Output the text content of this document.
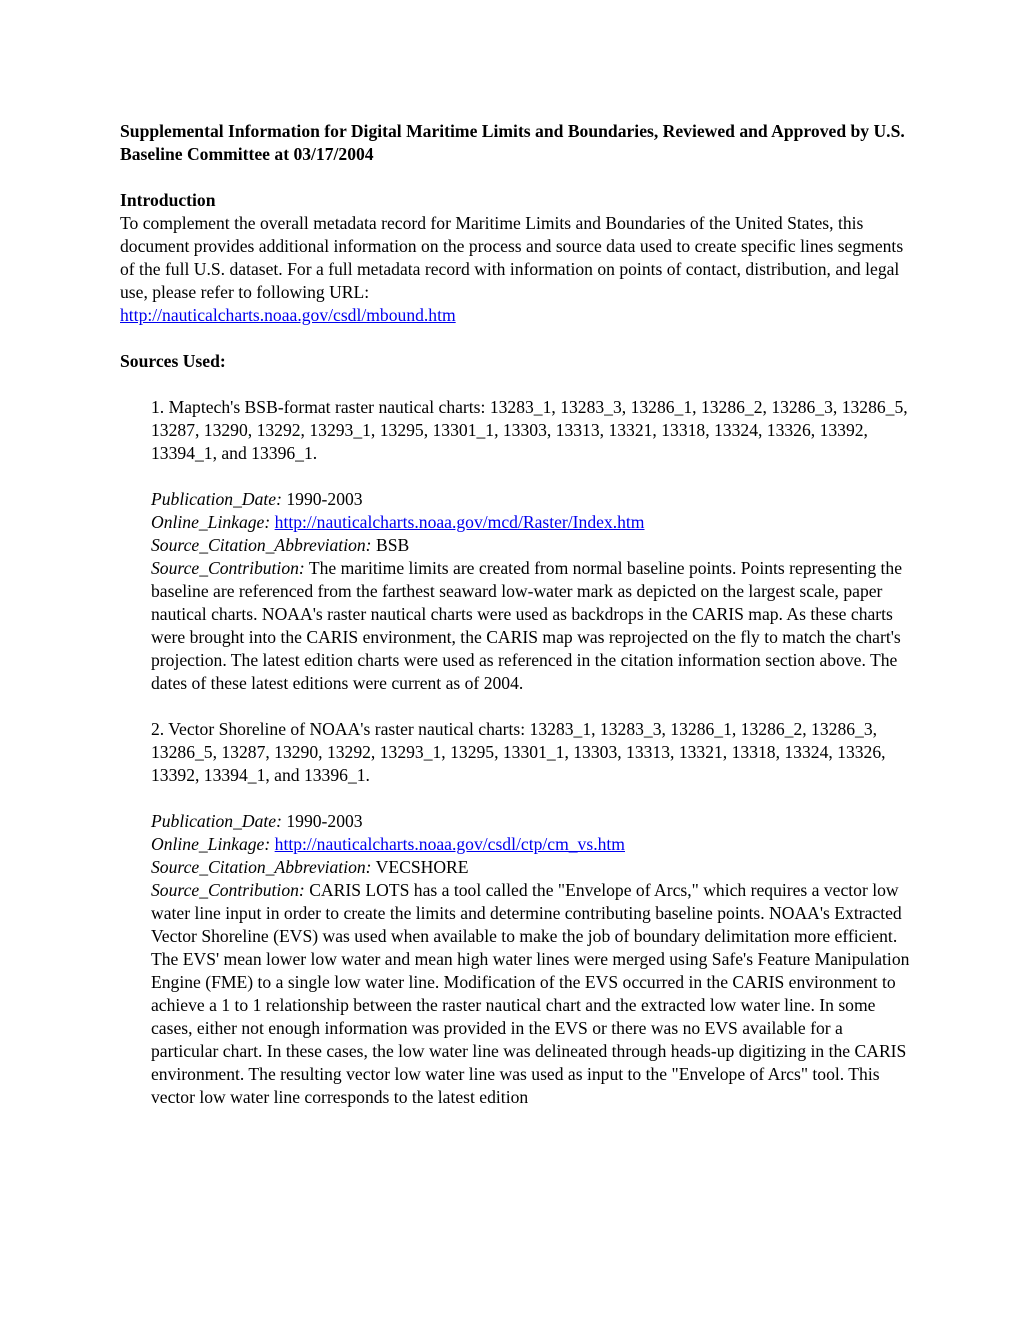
Supplemental Information for Digital Maritime Limits and Boundaries, Reviewed and Approved by U.S. Baseline Committee at 03/17/2004

Introduction

To complement the overall metadata record for Maritime Limits and Boundaries of the United States, this document provides additional information on the process and source data used to create specific lines segments of the full U.S. dataset. For a full metadata record with information on points of contact, distribution, and legal use, please refer to following URL:
http://nauticalcharts.noaa.gov/csdl/mbound.htm

Sources Used:

1. Maptech's BSB-format raster nautical charts: 13283_1, 13283_3, 13286_1, 13286_2, 13286_3, 13286_5, 13287, 13290, 13292, 13293_1, 13295, 13301_1, 13303, 13313, 13321, 13318, 13324, 13326, 13392, 13394_1, and 13396_1.

Publication_Date: 1990-2003
Online_Linkage: http://nauticalcharts.noaa.gov/mcd/Raster/Index.htm
Source_Citation_Abbreviation: BSB
Source_Contribution: The maritime limits are created from normal baseline points. Points representing the baseline are referenced from the farthest seaward low-water mark as depicted on the largest scale, paper nautical charts. NOAA's raster nautical charts were used as backdrops in the CARIS map. As these charts were brought into the CARIS environment, the CARIS map was reprojected on the fly to match the chart's projection. The latest edition charts were used as referenced in the citation information section above. The dates of these latest editions were current as of 2004.

2. Vector Shoreline of NOAA's raster nautical charts: 13283_1, 13283_3, 13286_1, 13286_2, 13286_3, 13286_5, 13287, 13290, 13292, 13293_1, 13295, 13301_1, 13303, 13313, 13321, 13318, 13324, 13326, 13392, 13394_1, and 13396_1.

Publication_Date: 1990-2003
Online_Linkage: http://nauticalcharts.noaa.gov/csdl/ctp/cm_vs.htm
Source_Citation_Abbreviation: VECSHORE
Source_Contribution: CARIS LOTS has a tool called the "Envelope of Arcs," which requires a vector low water line input in order to create the limits and determine contributing baseline points. NOAA's Extracted Vector Shoreline (EVS) was used when available to make the job of boundary delimitation more efficient. The EVS' mean lower low water and mean high water lines were merged using Safe's Feature Manipulation Engine (FME) to a single low water line. Modification of the EVS occurred in the CARIS environment to achieve a 1 to 1 relationship between the raster nautical chart and the extracted low water line. In some cases, either not enough information was provided in the EVS or there was no EVS available for a particular chart. In these cases, the low water line was delineated through heads-up digitizing in the CARIS environment. The resulting vector low water line was used as input to the "Envelope of Arcs" tool. This vector low water line corresponds to the latest edition
